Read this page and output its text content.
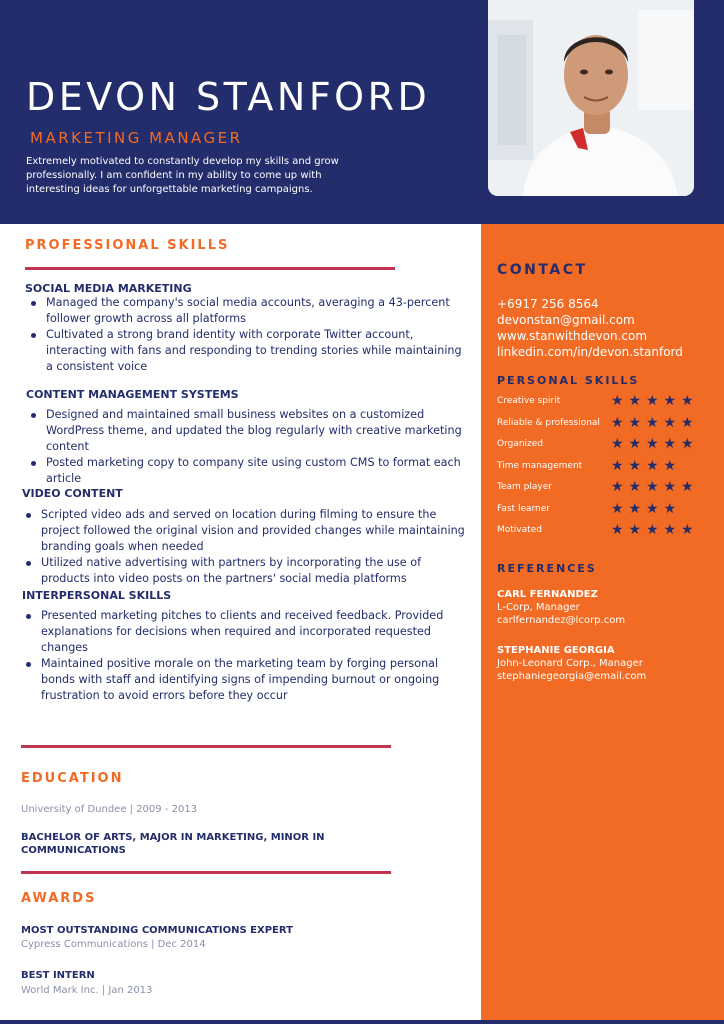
DEVON STANFORD
MARKETING MANAGER

Extremely motivated to constantly develop my skills and grow professionally. I am confident in my ability to come up with interesting ideas for unforgettable marketing campaigns.

PROFESSIONAL SKILLS
SOCIAL MEDIA MARKETING
Managed the company's social media accounts, averaging a 43-percent follower growth across all platforms
Cultivated a strong brand identity with corporate Twitter account, interacting with fans and responding to trending stories while maintaining a consistent voice
CONTENT MANAGEMENT SYSTEMS
Designed and maintained small business websites on a customized WordPress theme, and updated the blog regularly with creative marketing content
Posted marketing copy to company site using custom CMS to format each article
VIDEO CONTENT
Scripted video ads and served on location during filming to ensure the project followed the original vision and provided changes while maintaining branding goals when needed
Utilized native advertising with partners by incorporating the use of products into video posts on the partners' social media platforms
INTERPERSONAL SKILLS
Presented marketing pitches to clients and received feedback. Provided explanations for decisions when required and incorporated requested changes
Maintained positive morale on the marketing team by forging personal bonds with staff and identifying signs of impending burnout or ongoing frustration to avoid errors before they occur
EDUCATION
University of Dundee | 2009 - 2013
BACHELOR OF ARTS, MAJOR IN MARKETING, MINOR IN COMMUNICATIONS
AWARDS
MOST OUTSTANDING COMMUNICATIONS EXPERT
Cypress Communications | Dec 2014
BEST INTERN
World Mark Inc. | Jan 2013
CONTACT
+6917 256 8564
devonstan@gmail.com
www.stanwithdevon.com
linkedin.com/in/devon.stanford
PERSONAL SKILLS
Creative spirit	★ ★ ★ ★ ★
Reliable & professional ★ ★ ★ ★ ★
Organized	★ ★ ★ ★ ★
Time management ★ ★ ★ ★
Team player	★ ★ ★ ★ ★
Fast learner	★ ★ ★ ★
Motivated	★ ★ ★ ★ ★
REFERENCES
CARL FERNANDEZ
L-Corp, Manager
carlfernandez@lcorp.com
STEPHANIE GEORGIA
John-Leonard Corp., Manager
stephaniegeorgia@email.com
